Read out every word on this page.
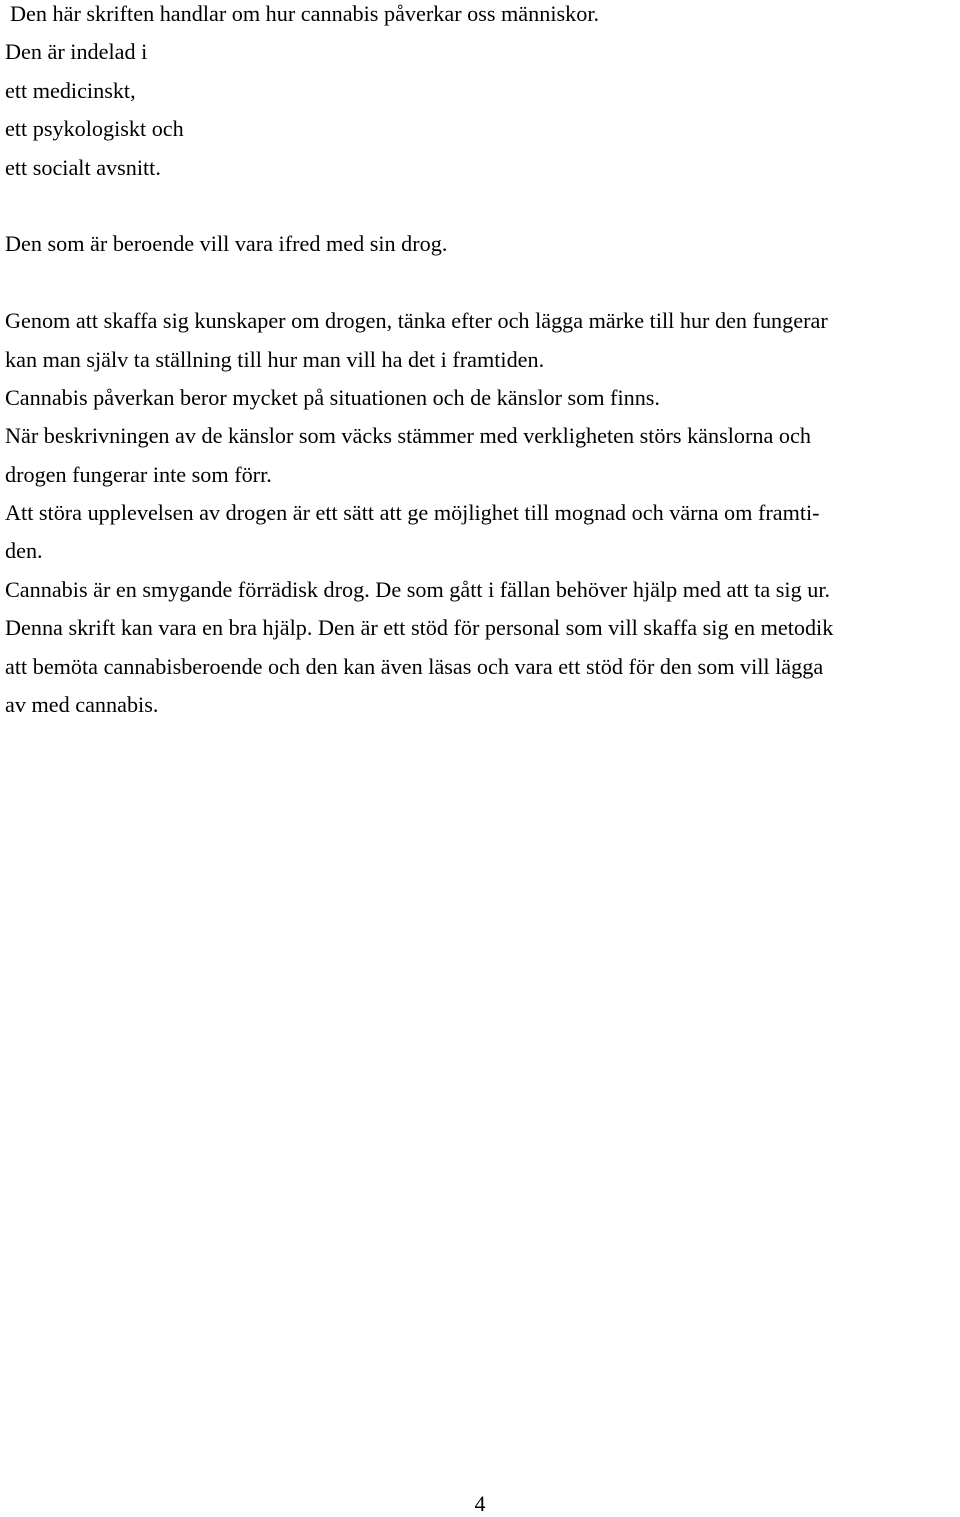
Den här skriften handlar om hur cannabis påverkar oss människor.
Den är indelad i
ett medicinskt,
ett psykologiskt och
ett socialt avsnitt.
Den som är beroende vill vara ifred med sin drog.
Genom att skaffa sig kunskaper om drogen, tänka efter och lägga märke till hur den fungerar
kan man själv ta ställning till hur man vill ha det i framtiden.
Cannabis påverkan beror mycket på situationen och de känslor som finns.
När beskrivningen av de känslor som väcks stämmer med verkligheten störs känslorna och
drogen fungerar inte som förr.
Att störa upplevelsen av drogen är ett sätt att ge möjlighet till mognad och värna om framti-
den.
Cannabis är en smygande förrädisk drog. De som gått i fällan behöver hjälp med att ta sig ur.
Denna skrift kan vara en bra hjälp. Den är ett stöd för personal som vill skaffa sig en metodik
att bemöta cannabisberoende och den kan även läsas och vara ett stöd för den som vill lägga
av med cannabis.
4
